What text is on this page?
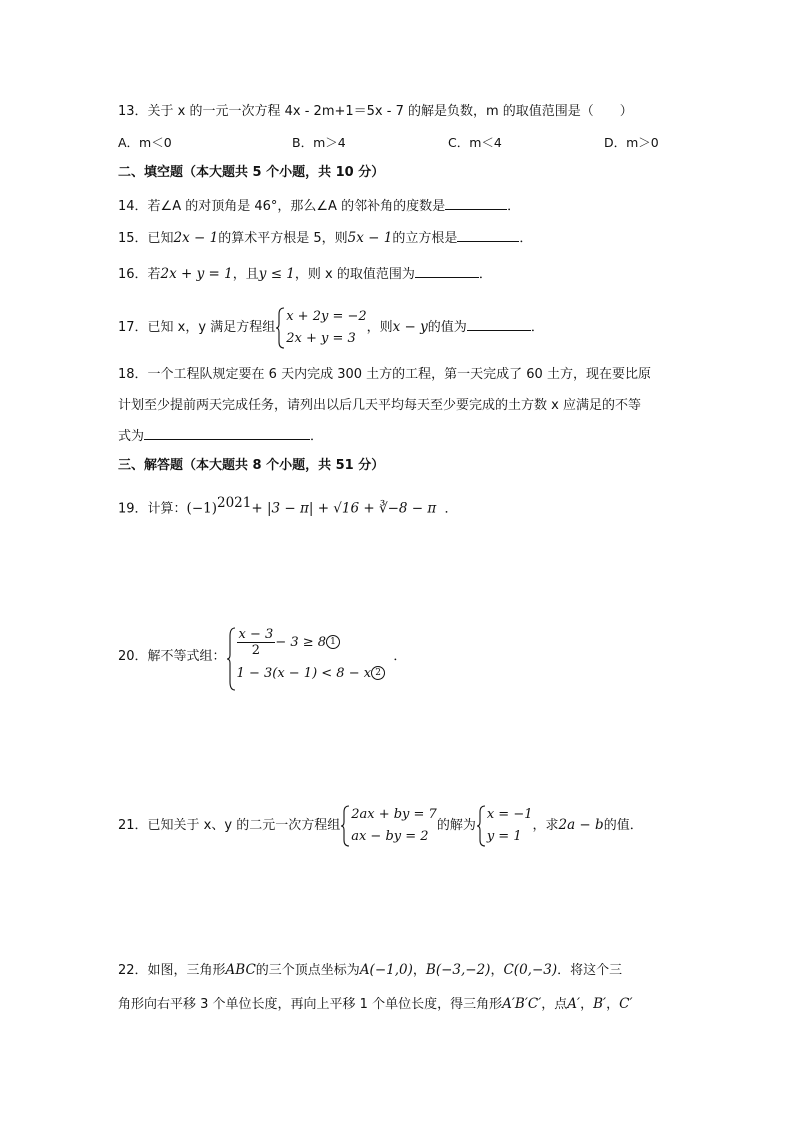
13．关于 x 的一元一次方程 4x - 2m+1＝5x - 7 的解是负数，m 的取值范围是（　　）
A．m＜0	B．m＞4	C．m＜4	D．m＞0
二、填空题（本大题共 5 个小题，共 10 分）
14．若∠A 的对顶角是 46°，那么∠A 的邻补角的度数是	．
15．已知2x − 1的算术平方根是 5，则5x − 1的立方根是	．
16．若2x + y = 1，且y ≤ 1，则 x 的取值范围为	．
17．已知 x，y 满足方程组
x + 2y = −2
2x + y = 3
，则x − y的值为	．
18．一个工程队规定要在 6 天内完成 300 土方的工程，第一天完成了 60 土方，现在要比原
计划至少提前两天完成任务，请列出以后几天平均每天至少要完成的土方数 x 应满足的不等
式为	．
三、解答题（本大题共 8 个小题，共 51 分）
19．计算：$(-1)^{2021}+ |3 - \pi| + √16$ + ∛−8 − π ．
20．解不等式组： $\frac{x - 3}{2} - 3 \ge 8$ 1
1 − 3(x − 1) < 8 − x 2
．
21．已知关于 x、y 的二元一次方程组
2ax + by = 7
ax − by = 2
的解为
x = −1
y = 1
，求2a − b的值．
22．如图，三角形ABC的三个顶点坐标为A(−1,0)，B(−3,−2)，C(0,−3)．将这个三
角形向右平移 3 个单位长度，再向上平移 1 个单位长度，得三角形A′B′C′，点A′，B′，C′
